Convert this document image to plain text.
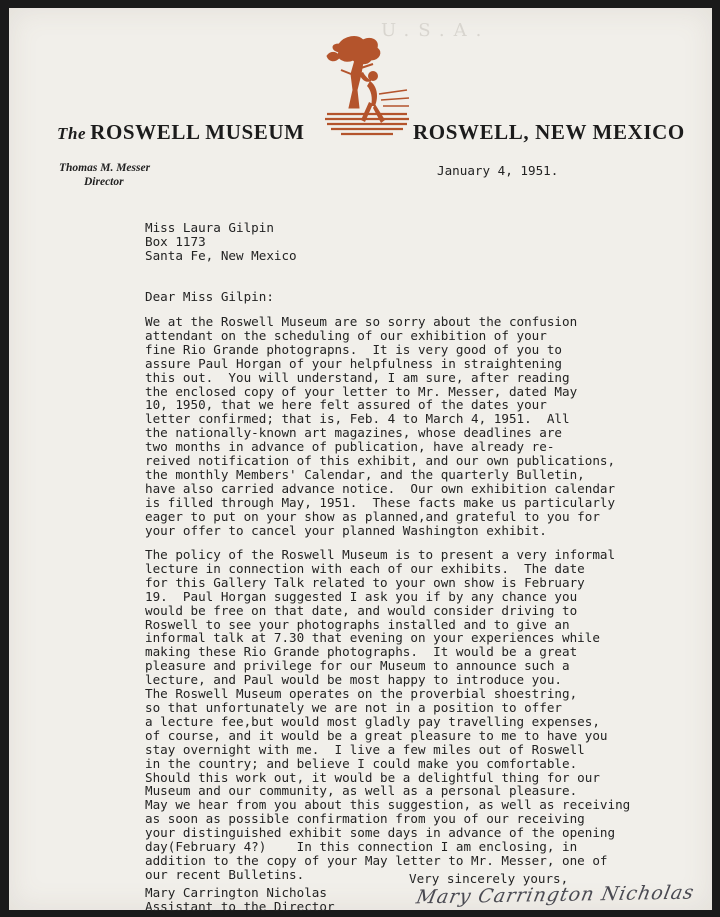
U.S.A.
The ROSWELL MUSEUM	ROSWELL, NEW MEXICO
Thomas M. Messer
Director
January 4, 1951.
Miss Laura Gilpin
Box 1173
Santa Fe, New Mexico
Dear Miss Gilpin:
We at the Roswell Museum are so sorry about the confusion
attendant on the scheduling of our exhibition of your
fine Rio Grande photograpns.  It is very good of you to
assure Paul Horgan of your helpfulness in straightening
this out.  You will understand, I am sure, after reading
the enclosed copy of your letter to Mr. Messer, dated May
10, 1950, that we here felt assured of the dates your
letter confirmed; that is, Feb. 4 to March 4, 1951.  All
the nationally-known art magazines, whose deadlines are
two months in advance of publication, have already re-
reived notification of this exhibit, and our own publications,
the monthly Members' Calendar, and the quarterly Bulletin,
have also carried advance notice.  Our own exhibition calendar
is filled through May, 1951.  These facts make us particularly
eager to put on your show as planned,and grateful to you for
your offer to cancel your planned Washington exhibit.
The policy of the Roswell Museum is to present a very informal
lecture in connection with each of our exhibits.  The date
for this Gallery Talk related to your own show is February
19.  Paul Horgan suggested I ask you if by any chance you
would be free on that date, and would consider driving to
Roswell to see your photographs installed and to give an
informal talk at 7.30 that evening on your experiences while
making these Rio Grande photographs.  It would be a great
pleasure and privilege for our Museum to announce such a
lecture, and Paul would be most happy to introduce you.
The Roswell Museum operates on the proverbial shoestring,
so that unfortunately we are not in a position to offer
a lecture fee,but would most gladly pay travelling expenses,
of course, and it would be a great pleasure to me to have you
stay overnight with me.  I live a few miles out of Roswell
in the country; and believe I could make you comfortable.
Should this work out, it would be a delightful thing for our
Museum and our community, as well as a personal pleasure.
May we hear from you about this suggestion, as well as receiving
as soon as possible confirmation from you of our receiving
your distinguished exhibit some days in advance of the opening
day(February 4?)    In this connection I am enclosing, in
addition to the copy of your May letter to Mr. Messer, one of
our recent Bulletins.	Very sincerely yours,
Mary Carrington Nicholas
Mary Carrington Nicholas
Assistant to the Director
